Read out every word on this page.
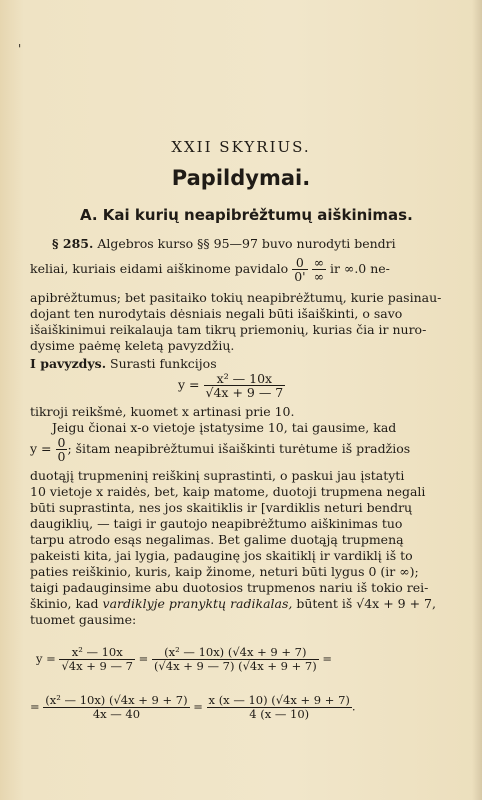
'
XXII SKYRIUS.
Papildymai.
A. Kai kurių neapibrėžtumų aiškinimas.
§ 285. Algebros kurso §§ 95—97 buvo nurodyti bendri
keliai, kuriais eidami aiškinome pavidalo $\frac{0}{0'}$
$\frac{\infty}{\infty}$ ir ∞.0 ne-
apibrėžtumus; bet pasitaiko tokių neapibrėžtumų, kurie pasinau-
dojant ten nurodytais dėsniais negali būti išaiškinti, o savo
išaiškinimui reikalauja tam tikrų priemonių, kurias čia ir nuro-
dysime paėmę keletą pavyzdžių.
I pavyzdys. Surasti funkcijos
$y = \frac{\text{x² — 10x}}{√4x + 9 — 7}$
tikroji reikšmė, kuomet x artinasi prie 10.
Jeigu čionai x-o vietoje įstatysime 10, tai gausime, kad
$y = \frac{0}{0}$ ; šitam neapibrėžtumui išaiškinti turėtume iš pradžios
duotąjį trupmeninį reiškinį suprastinti, o paskui jau įstatyti
10 vietoje x raidės, bet, kaip matome, duotoji trupmena negali
būti suprastinta, nes jos skaitiklis ir [vardiklis neturi bendrų
daugiklių, — taigi ir gautojo neapibrėžtumo aiškinimas tuo
tarpu atrodo esąs negalimas. Bet galime duotąją trupmeną
pakeisti kita, jai lygia, padauginę jos skaitiklį ir vardiklį iš to
paties reiškinio, kuris, kaip žinome, neturi būti lygus 0 (ir ∞);
taigi padauginsime abu duotosios trupmenos nariu iš tokio rei-
škinio, kad vardiklyje pranyktų radikalas, būtent iš √4x + 9 + 7,
tuomet gausime:
$y = \frac{\text{x² — 10x}}{√4x + 9 — 7} = \frac{\text{(x² — 10x) (√4x + 9 + 7)}}{(√4x + 9 — 7) (√4x + 9 + 7)}$ =
= $\frac{\text{(x² — 10x) (√4x + 9 + 7)}}{4x — 40} = \frac{x (x — 10) (√4x + 9 + 7)}{4 (x — 10)}$ .
